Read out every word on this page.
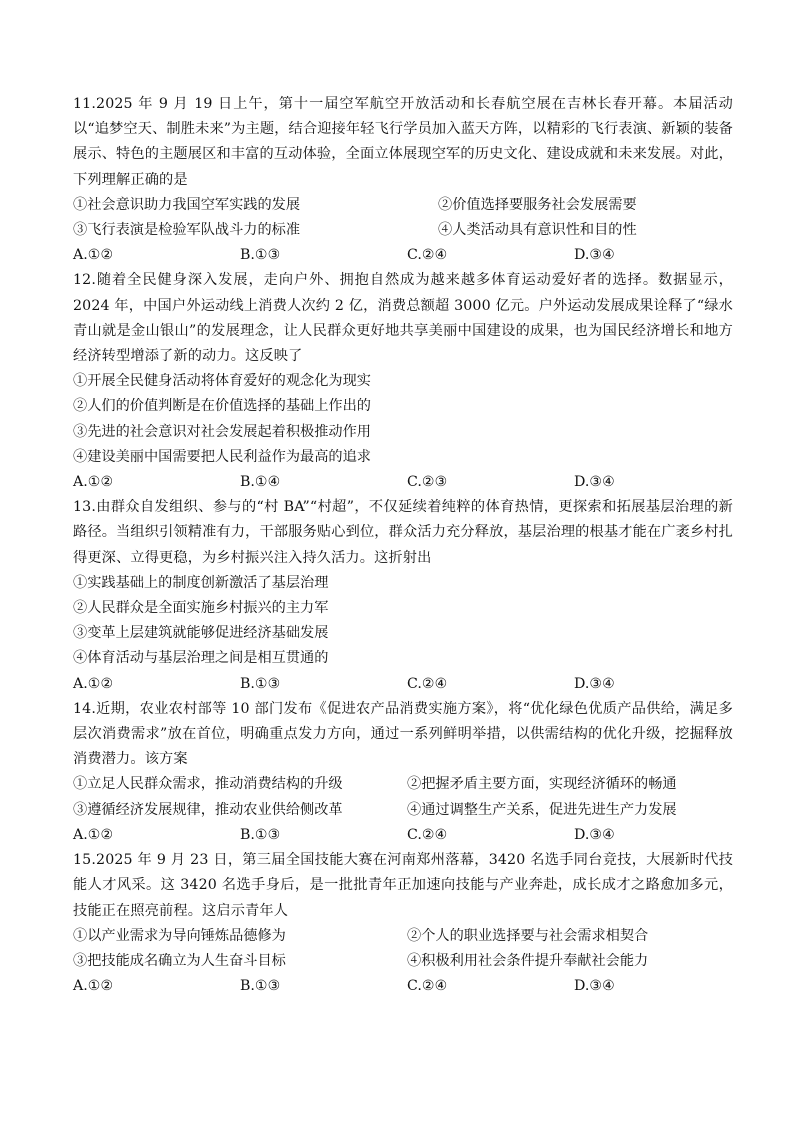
11.2025 年 9 月 19 日上午，第十一届空军航空开放活动和长春航空展在吉林长春开幕。本届活动以“追梦空天、制胜未来”为主题，结合迎接年轻飞行学员加入蓝天方阵，以精彩的飞行表演、新颖的装备展示、特色的主题展区和丰富的互动体验，全面立体展现空军的历史文化、建设成就和未来发展。对此，下列理解正确的是

①社会意识助力我国空军实践的发展	②价值选择要服务社会发展需要
③飞行表演是检验军队战斗力的标准	④人类活动具有意识性和目的性
A.①②	B.①③	C.②④	D.③④

12.随着全民健身深入发展，走向户外、拥抱自然成为越来越多体育运动爱好者的选择。数据显示，2024 年，中国户外运动线上消费人次约 2 亿，消费总额超 3000 亿元。户外运动发展成果诠释了“绿水青山就是金山银山”的发展理念，让人民群众更好地共享美丽中国建设的成果，也为国民经济增长和地方经济转型增添了新的动力。这反映了

①开展全民健身活动将体育爱好的观念化为现实

②人们的价值判断是在价值选择的基础上作出的

③先进的社会意识对社会发展起着积极推动作用

④建设美丽中国需要把人民利益作为最高的追求
A.①②	B.①④	C.②③	D.③④

13.由群众自发组织、参与的“村 BA”“村超”，不仅延续着纯粹的体育热情，更探索和拓展基层治理的新路径。当组织引领精准有力，干部服务贴心到位，群众活力充分释放，基层治理的根基才能在广袤乡村扎得更深、立得更稳，为乡村振兴注入持久活力。这折射出

①实践基础上的制度创新激活了基层治理

②人民群众是全面实施乡村振兴的主力军

③变革上层建筑就能够促进经济基础发展

④体育活动与基层治理之间是相互贯通的

A.①②	B.①③	C.②④	D.③④

14.近期，农业农村部等 10 部门发布《促进农产品消费实施方案》，将“优化绿色优质产品供给，满足多层次消费需求”放在首位，明确重点发力方向，通过一系列鲜明举措，以供需结构的优化升级，挖掘释放消费潜力。该方案

①立足人民群众需求，推动消费结构的升级	②把握矛盾主要方面，实现经济循环的畅通
③遵循经济发展规律，推动农业供给侧改革	④通过调整生产关系，促进先进生产力发展
A.①②	B.①③	C.②④	D.③④

15.2025 年 9 月 23 日，第三届全国技能大赛在河南郑州落幕，3420 名选手同台竞技，大展新时代技能人才风采。这 3420 名选手身后，是一批批青年正加速向技能与产业奔赴，成长成才之路愈加多元，技能正在照亮前程。这启示青年人

①以产业需求为导向锤炼品德修为	②个人的职业选择要与社会需求相契合
③把技能成名确立为人生奋斗目标	④积极利用社会条件提升奉献社会能力
A.①②	B.①③	C.②④	D.③④
